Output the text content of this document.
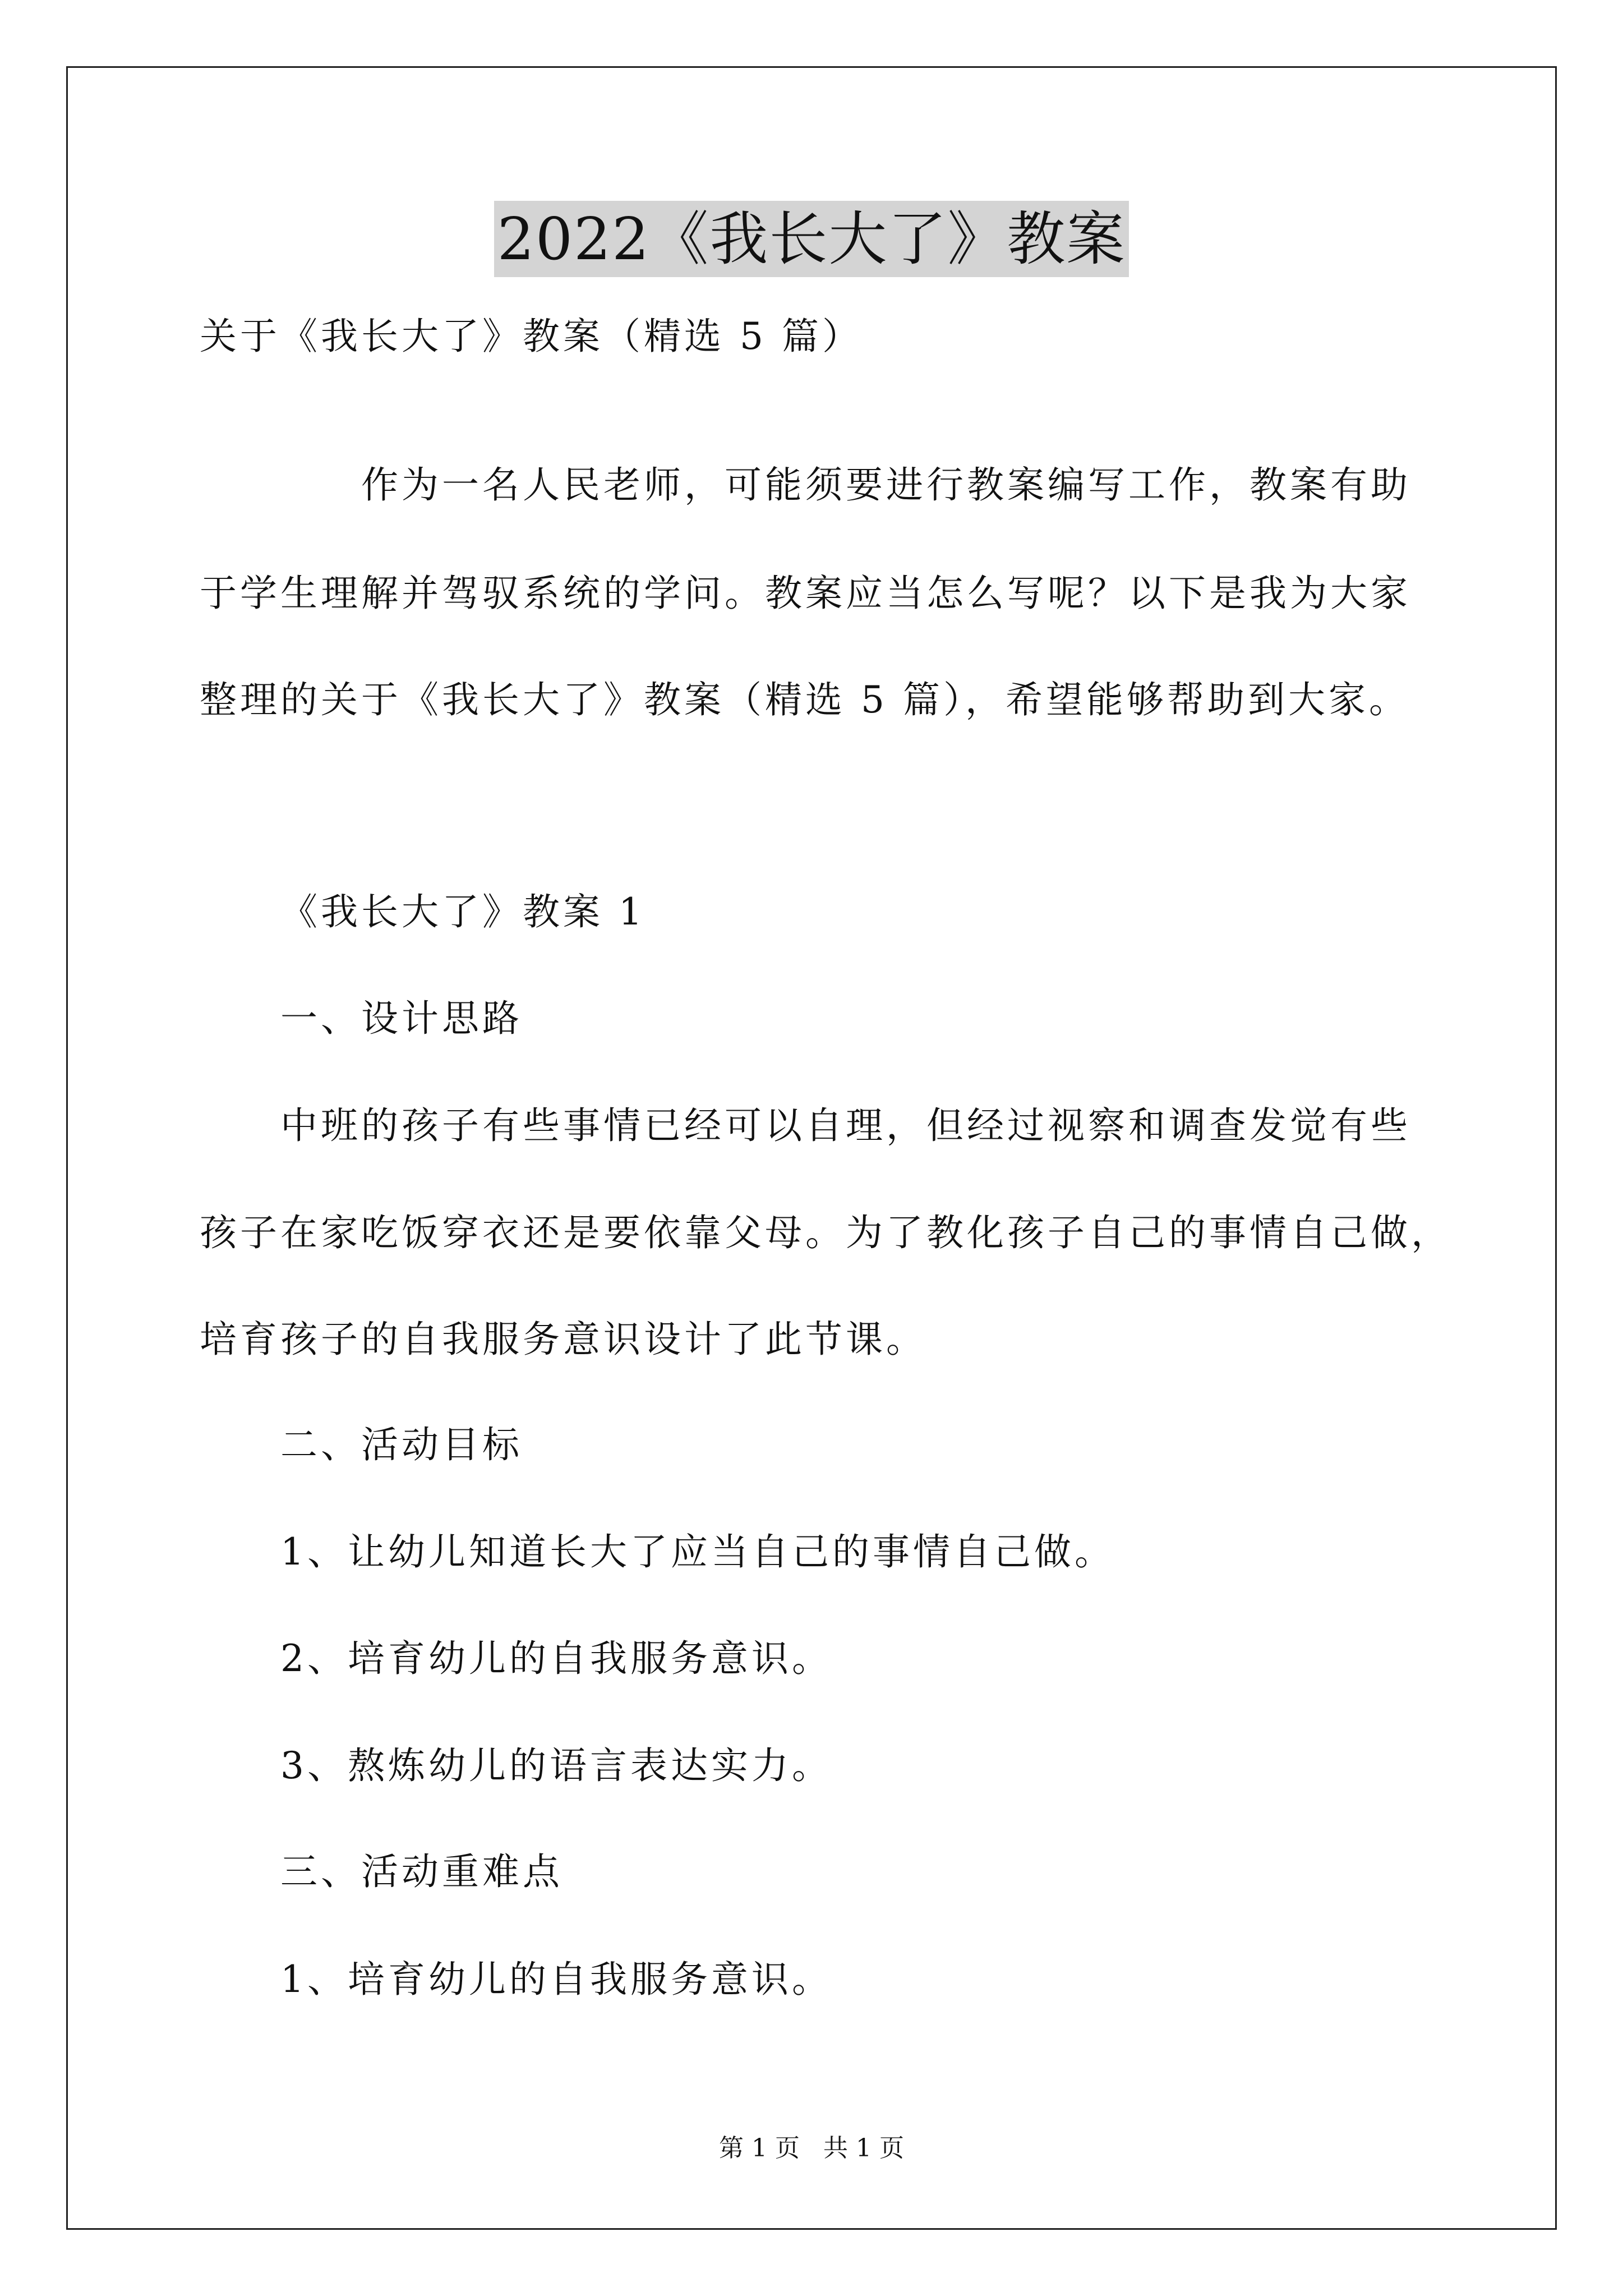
2022《我长大了》教案
关于《我长大了》教案（精选 5 篇）
作为一名人民老师，可能须要进行教案编写工作，教案有助
于学生理解并驾驭系统的学问。教案应当怎么写呢？以下是我为大家
整理的关于《我长大了》教案（精选 5 篇），希望能够帮助到大家。
《我长大了》教案 1
一、设计思路
中班的孩子有些事情已经可以自理，但经过视察和调查发觉有些
孩子在家吃饭穿衣还是要依靠父母。为了教化孩子自己的事情自己做，
培育孩子的自我服务意识设计了此节课。
二、活动目标
1、让幼儿知道长大了应当自己的事情自己做。
2、培育幼儿的自我服务意识。
3、熬炼幼儿的语言表达实力。
三、活动重难点
1、培育幼儿的自我服务意识。
第 1 页   共 1 页
